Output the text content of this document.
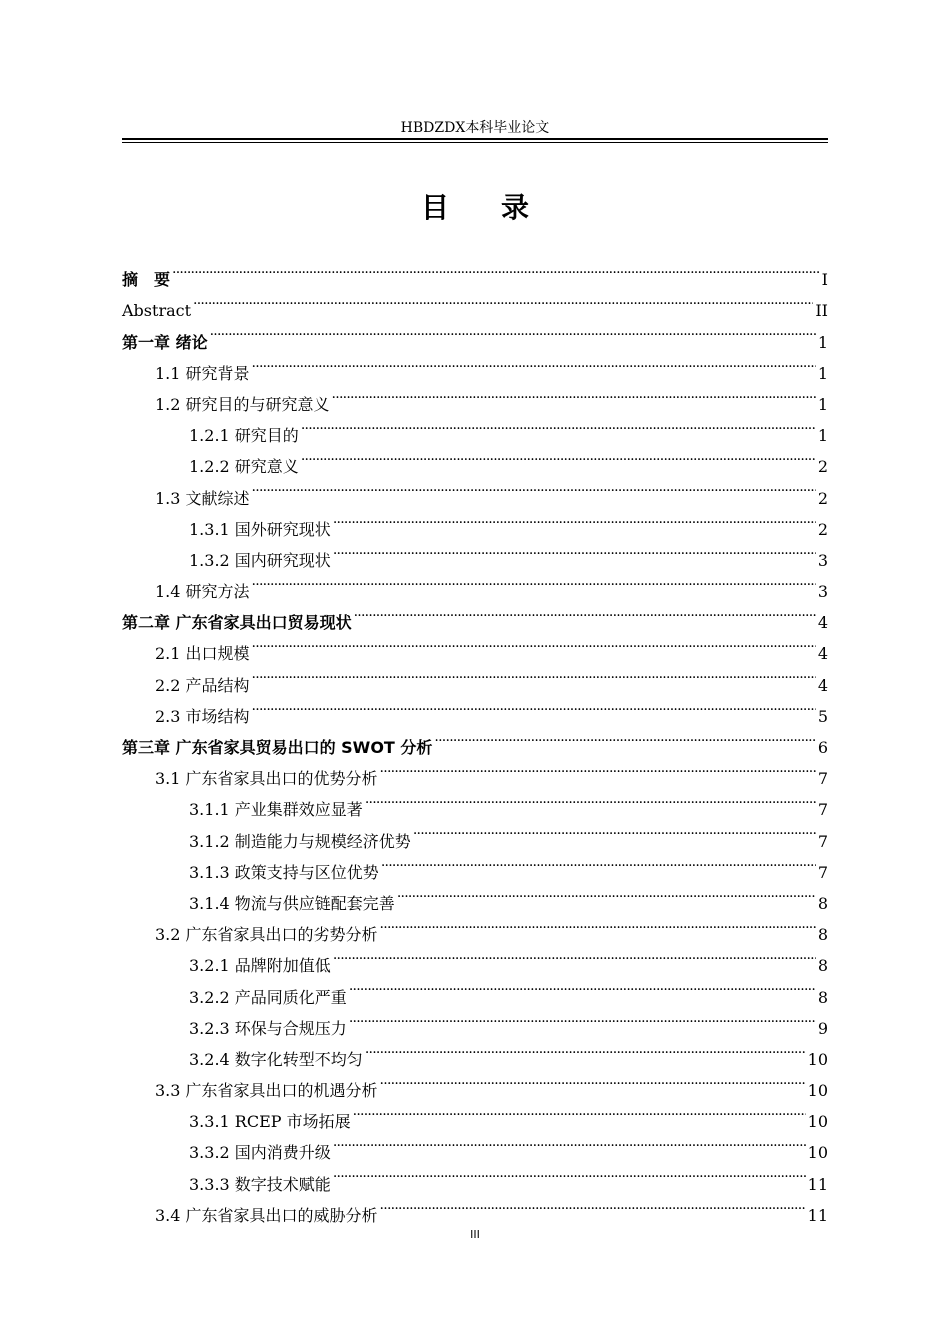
HBDZDX本科毕业论文
目 录
摘　要 . . .	I
Abstract . . .	II
第一章 绪论 . . .	1
1.1 研究背景 . . .	1
1.2 研究目的与研究意义 . . .	1
1.2.1 研究目的 . . .	1
1.2.2 研究意义 . . .	2
1.3 文献综述 . . .	2
1.3.1 国外研究现状 . . .	2
1.3.2 国内研究现状 . . .	3
1.4 研究方法 . . .	3
第二章 广东省家具出口贸易现状 . . .	4
2.1 出口规模 . . .	4
2.2 产品结构 . . .	4
2.3 市场结构 . . .	5
第三章 广东省家具贸易出口的 SWOT 分析 . . .	6
3.1 广东省家具出口的优势分析 . . .	7
3.1.1 产业集群效应显著 . . .	7
3.1.2 制造能力与规模经济优势 . . .	7
3.1.3 政策支持与区位优势 . . .	7
3.1.4 物流与供应链配套完善 . . .	8
3.2 广东省家具出口的劣势分析 . . .	8
3.2.1 品牌附加值低 . . .	8
3.2.2 产品同质化严重 . . .	8
3.2.3 环保与合规压力 . . .	9
3.2.4 数字化转型不均匀 . . .	10
3.3 广东省家具出口的机遇分析 . . .	10
3.3.1 RCEP 市场拓展 . . .	10
3.3.2 国内消费升级 . . .	10
3.3.3 数字技术赋能 . . .	11
3.4 广东省家具出口的威胁分析 . . .	11
III
